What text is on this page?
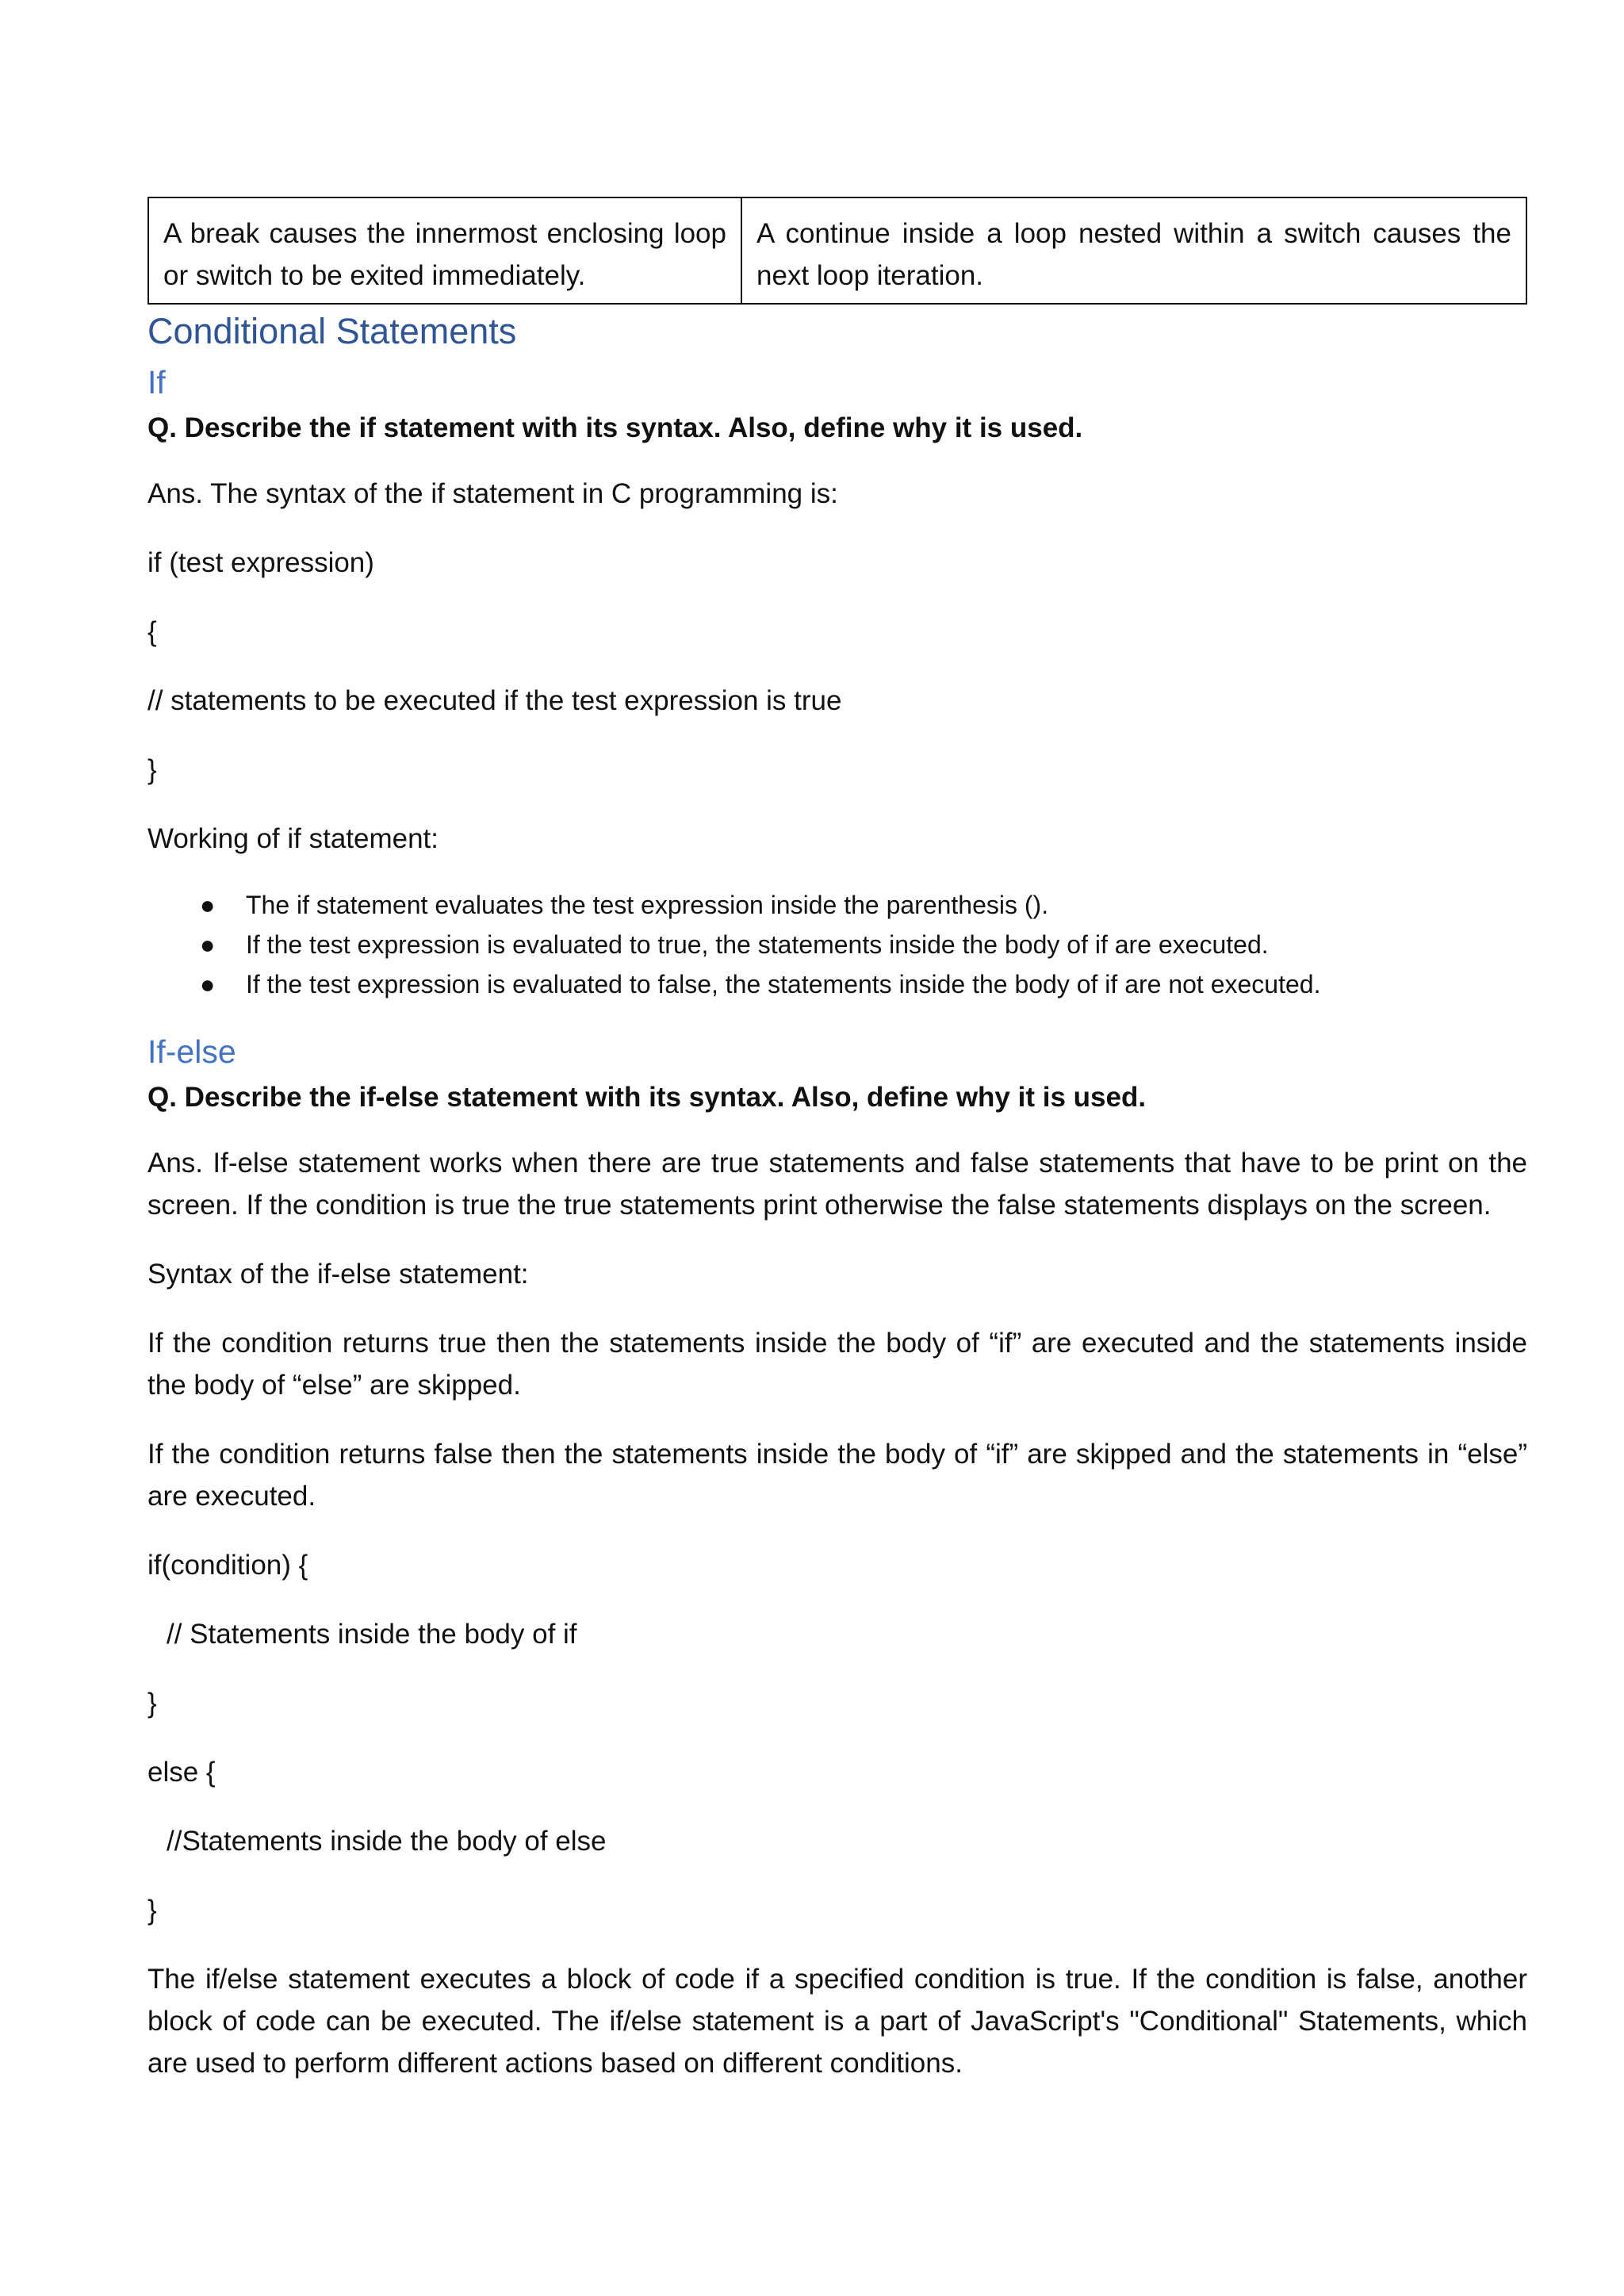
A break causes the innermost enclosing loop or switch to be exited immediately.	A continue inside a loop nested within a switch causes the next loop iteration.
Conditional Statements
If
Q. Describe the if statement with its syntax. Also, define why it is used.

Ans. The syntax of the if statement in C programming is:

if (test expression)

{

// statements to be executed if the test expression is true

}

Working of if statement:

● The if statement evaluates the test expression inside the parenthesis ().
● If the test expression is evaluated to true, the statements inside the body of if are executed.
● If the test expression is evaluated to false, the statements inside the body of if are not executed.
If-else
Q. Describe the if-else statement with its syntax. Also, define why it is used.

Ans. If-else statement works when there are true statements and false statements that have to be print on the screen. If the condition is true the true statements print otherwise the false statements displays on the screen.

Syntax of the if-else statement:

If the condition returns true then the statements inside the body of “if” are executed and the statements inside the body of “else” are skipped.

If the condition returns false then the statements inside the body of “if” are skipped and the statements in “else” are executed.

if(condition) {

// Statements inside the body of if

}

else {

//Statements inside the body of else

}

The if/else statement executes a block of code if a specified condition is true. If the condition is false, another block of code can be executed. The if/else statement is a part of JavaScript's "Conditional" Statements, which are used to perform different actions based on different conditions.
